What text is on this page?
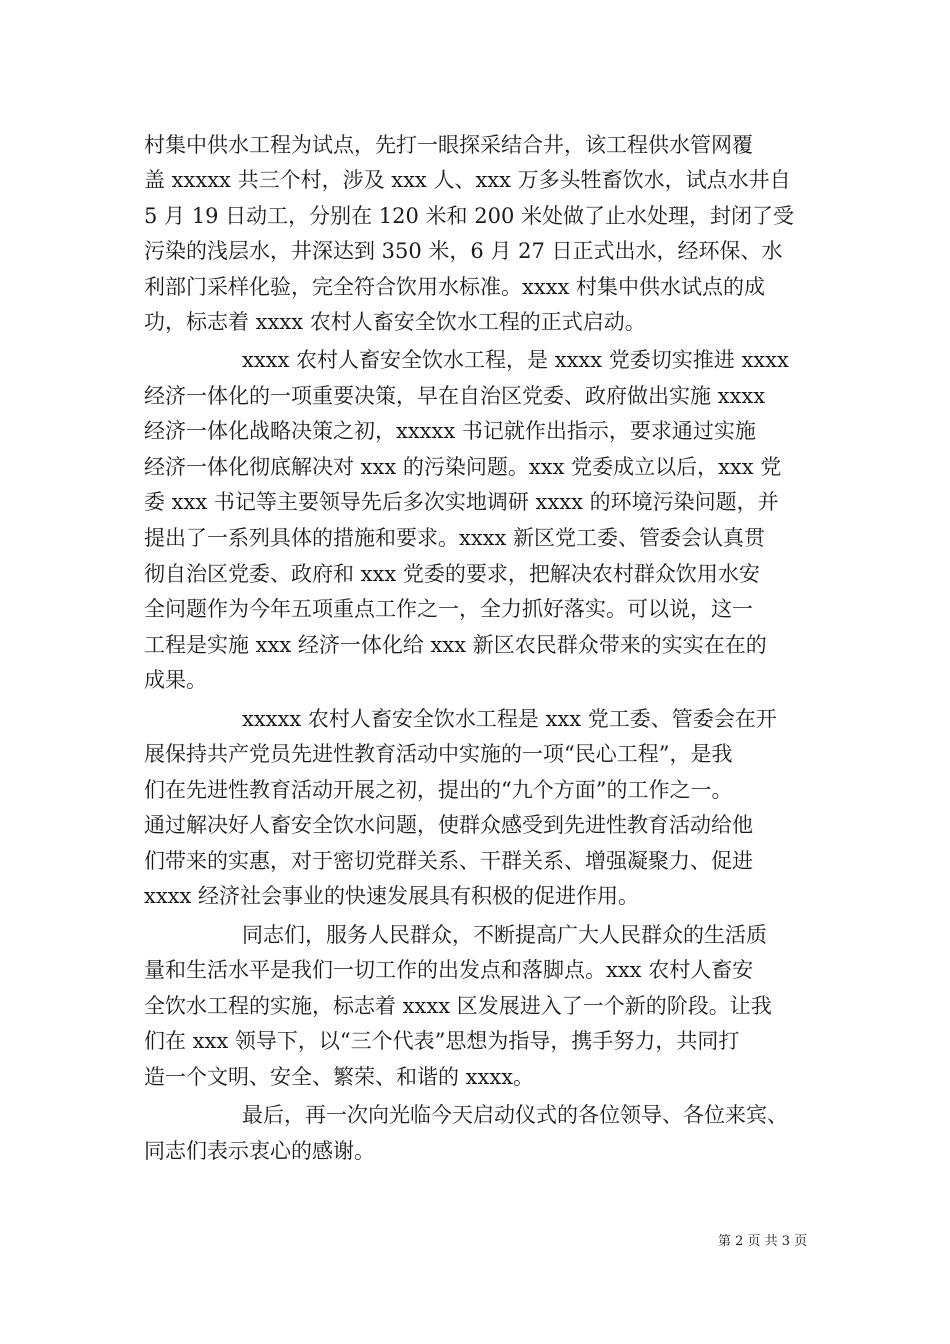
村集中供水工程为试点，先打一眼探采结合井，该工程供水管网覆
盖 xxxxx 共三个村，涉及 xxx 人、xxx 万多头牲畜饮水，试点水井自
5 月 19 日动工，分别在 120 米和 200 米处做了止水处理，封闭了受
污染的浅层水，井深达到 350 米，6 月 27 日正式出水，经环保、水
利部门采样化验，完全符合饮用水标准。xxxx 村集中供水试点的成
功，标志着 xxxx 农村人畜安全饮水工程的正式启动。
xxxx 农村人畜安全饮水工程，是 xxxx 党委切实推进 xxxx
经济一体化的一项重要决策，早在自治区党委、政府做出实施 xxxx
经济一体化战略决策之初，xxxxx 书记就作出指示，要求通过实施
经济一体化彻底解决对 xxx 的污染问题。xxx 党委成立以后，xxx 党
委 xxx 书记等主要领导先后多次实地调研 xxxx 的环境污染问题，并
提出了一系列具体的措施和要求。xxxx 新区党工委、管委会认真贯
彻自治区党委、政府和 xxx 党委的要求，把解决农村群众饮用水安
全问题作为今年五项重点工作之一，全力抓好落实。可以说，这一
工程是实施 xxx 经济一体化给 xxx 新区农民群众带来的实实在在的
成果。
xxxxx 农村人畜安全饮水工程是 xxx 党工委、管委会在开
展保持共产党员先进性教育活动中实施的一项“民心工程”，是我
们在先进性教育活动开展之初，提出的“九个方面”的工作之一。
通过解决好人畜安全饮水问题，使群众感受到先进性教育活动给他
们带来的实惠，对于密切党群关系、干群关系、增强凝聚力、促进
xxxx 经济社会事业的快速发展具有积极的促进作用。
同志们，服务人民群众，不断提高广大人民群众的生活质
量和生活水平是我们一切工作的出发点和落脚点。xxx 农村人畜安
全饮水工程的实施，标志着 xxxx 区发展进入了一个新的阶段。让我
们在 xxx 领导下，以“三个代表”思想为指导，携手努力，共同打
造一个文明、安全、繁荣、和谐的 xxxx。
最后，再一次向光临今天启动仪式的各位领导、各位来宾、
同志们表示衷心的感谢。
第 2 页 共 3 页
